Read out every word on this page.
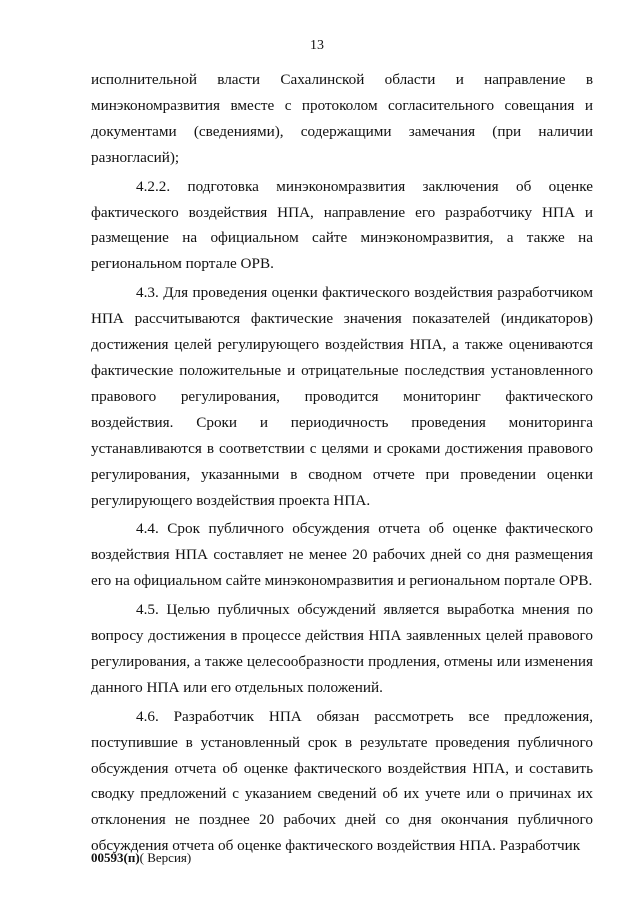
13

исполнительной власти Сахалинской области и направление в минэкономразвития вместе с протоколом согласительного совещания и документами (сведениями), содержащими замечания (при наличии разногласий);

4.2.2. подготовка минэкономразвития заключения об оценке фактического воздействия НПА, направление его разработчику НПА и размещение на официальном сайте минэкономразвития, а также на региональном портале ОРВ.

4.3. Для проведения оценки фактического воздействия разработчиком НПА рассчитываются фактические значения показателей (индикаторов) достижения целей регулирующего воздействия НПА, а также оцениваются фактические положительные и отрицательные последствия установленного правового регулирования, проводится мониторинг фактического воздействия. Сроки и периодичность проведения мониторинга устанавливаются в соответствии с целями и сроками достижения правового регулирования, указанными в сводном отчете при проведении оценки регулирующего воздействия проекта НПА.

4.4. Срок публичного обсуждения отчета об оценке фактического воздействия НПА составляет не менее 20 рабочих дней со дня размещения его на официальном сайте минэкономразвития и региональном портале ОРВ.

4.5. Целью публичных обсуждений является выработка мнения по вопросу достижения в процессе действия НПА заявленных целей правового регулирования, а также целесообразности продления, отмены или изменения данного НПА или его отдельных положений.

4.6. Разработчик НПА обязан рассмотреть все предложения, поступившие в установленный срок в результате проведения публичного обсуждения отчета об оценке фактического воздействия НПА, и составить сводку предложений с указанием сведений об их учете или о причинах их отклонения не позднее 20 рабочих дней со дня окончания публичного обсуждения отчета об оценке фактического воздействия НПА. Разработчик

00593(п)( Версия)
